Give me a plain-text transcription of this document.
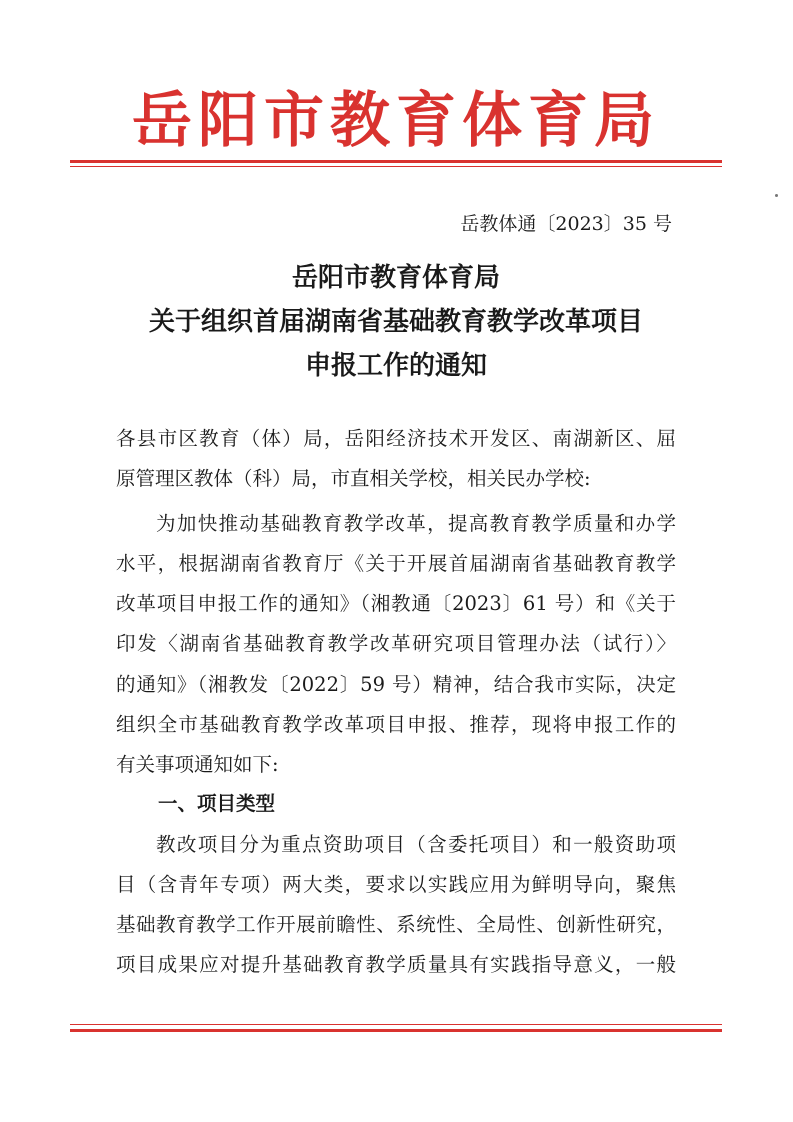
岳阳市教育体育局
岳教体通〔2023〕35 号
岳阳市教育体育局
关于组织首届湖南省基础教育教学改革项目
申报工作的通知
各县市区教育（体）局，岳阳经济技术开发区、南湖新区、屈
原管理区教体（科）局，市直相关学校，相关民办学校:
为加快推动基础教育教学改革，提高教育教学质量和办学
水平，根据湖南省教育厅《关于开展首届湖南省基础教育教学
改革项目申报工作的通知》（湘教通〔2023〕61 号）和《关于
印发〈湖南省基础教育教学改革研究项目管理办法（试行）〉
的通知》（湘教发〔2022〕59 号）精神，结合我市实际，决定
组织全市基础教育教学改革项目申报、推荐，现将申报工作的
有关事项通知如下:
一、项目类型
教改项目分为重点资助项目（含委托项目）和一般资助项
目（含青年专项）两大类，要求以实践应用为鲜明导向，聚焦
基础教育教学工作开展前瞻性、系统性、全局性、创新性研究，
项目成果应对提升基础教育教学质量具有实践指导意义，一般
